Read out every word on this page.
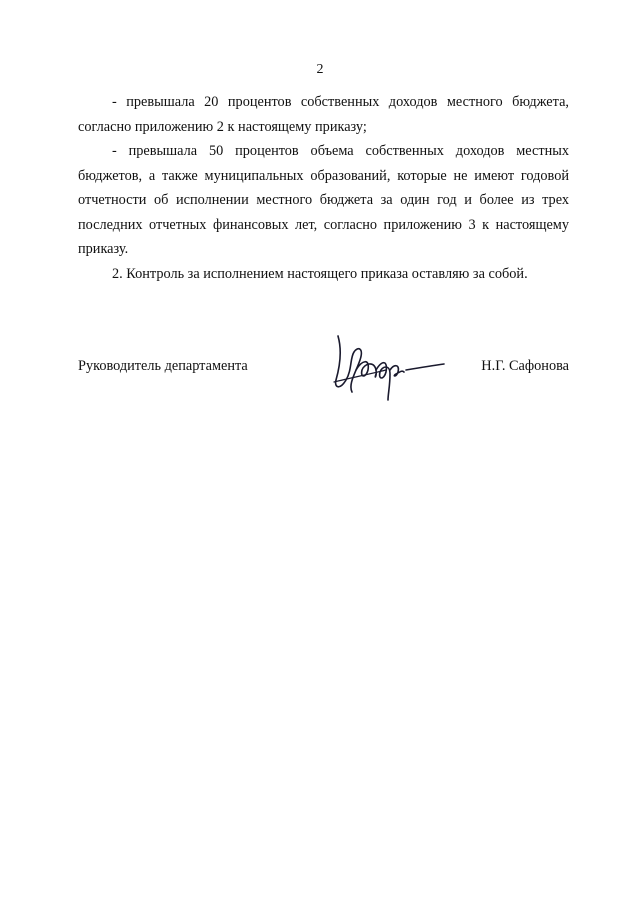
2

- превышала 20 процентов собственных доходов местного бюджета, согласно приложению 2 к настоящему приказу;

- превышала 50 процентов объема собственных доходов местных бюджетов, а также муниципальных образований, которые не имеют годовой отчетности об исполнении местного бюджета за один год и более из трех последних отчетных финансовых лет, согласно приложению 3 к настоящему приказу.

2. Контроль за исполнением настоящего приказа оставляю за собой.

Руководитель департамента	Н.Г. Сафонова
